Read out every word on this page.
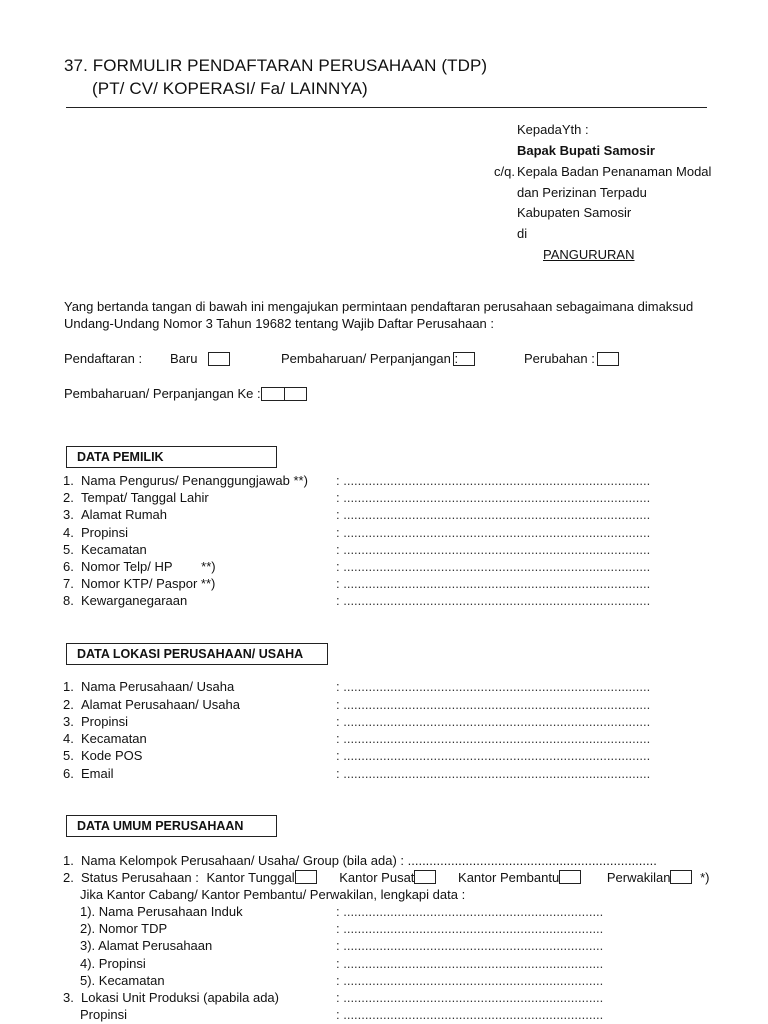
37. FORMULIR PENDAFTARAN PERUSAHAAN (TDP)
(PT/ CV/ KOPERASI/ Fa/ LAINNYA)
KepadaYth :
Bapak Bupati Samosir
c/q. Kepala Badan Penanaman Modal
dan Perizinan Terpadu
Kabupaten Samosir
di
PANGURURAN
Yang bertanda tangan di bawah ini mengajukan permintaan pendaftaran perusahaan sebagaimana dimaksud
Undang-Undang Nomor 3 Tahun 19682 tentang Wajib Daftar Perusahaan :
Pendaftaran : Baru	Pembaharuan/ Perpanjangan :	Perubahan :
Pembaharuan/ Perpanjangan Ke :
DATA PEMILIK
1. Nama Pengurus/ Penanggungjawab **) : .....................................................................................
2. Tempat/ Tanggal Lahir	: .....................................................................................
3. Alamat Rumah	: .....................................................................................
4. Propinsi	: .....................................................................................
5. Kecamatan	: .....................................................................................
6. Nomor Telp/ HP        **)	: .....................................................................................
7. Nomor KTP/ Paspor **)	: .....................................................................................
8. Kewarganegaraan	: .....................................................................................
DATA LOKASI PERUSAHAAN/ USAHA
1. Nama Perusahaan/ Usaha	: .....................................................................................
2. Alamat Perusahaan/ Usaha	: .....................................................................................
3. Propinsi	: .....................................................................................
4. Kecamatan	: .....................................................................................
5. Kode POS	: .....................................................................................
6. Email	: .....................................................................................
DATA UMUM PERUSAHAAN
1. Nama Kelompok Perusahaan/ Usaha/ Group (bila ada) : .....................................................................
2. Status Perusahaan : Kantor Tunggal	Kantor Pusat	Kantor Pembantu	Perwakilan *)
Jika Kantor Cabang/ Kantor Pembantu/ Perwakilan, lengkapi data :
1). Nama Perusahaan Induk	: ........................................................................
2). Nomor TDP	: ........................................................................
3). Alamat Perusahaan	: ........................................................................
4). Propinsi	: ........................................................................
5). Kecamatan	: ........................................................................
3. Lokasi Unit Produksi (apabila ada)	: ........................................................................
Propinsi	: ........................................................................
